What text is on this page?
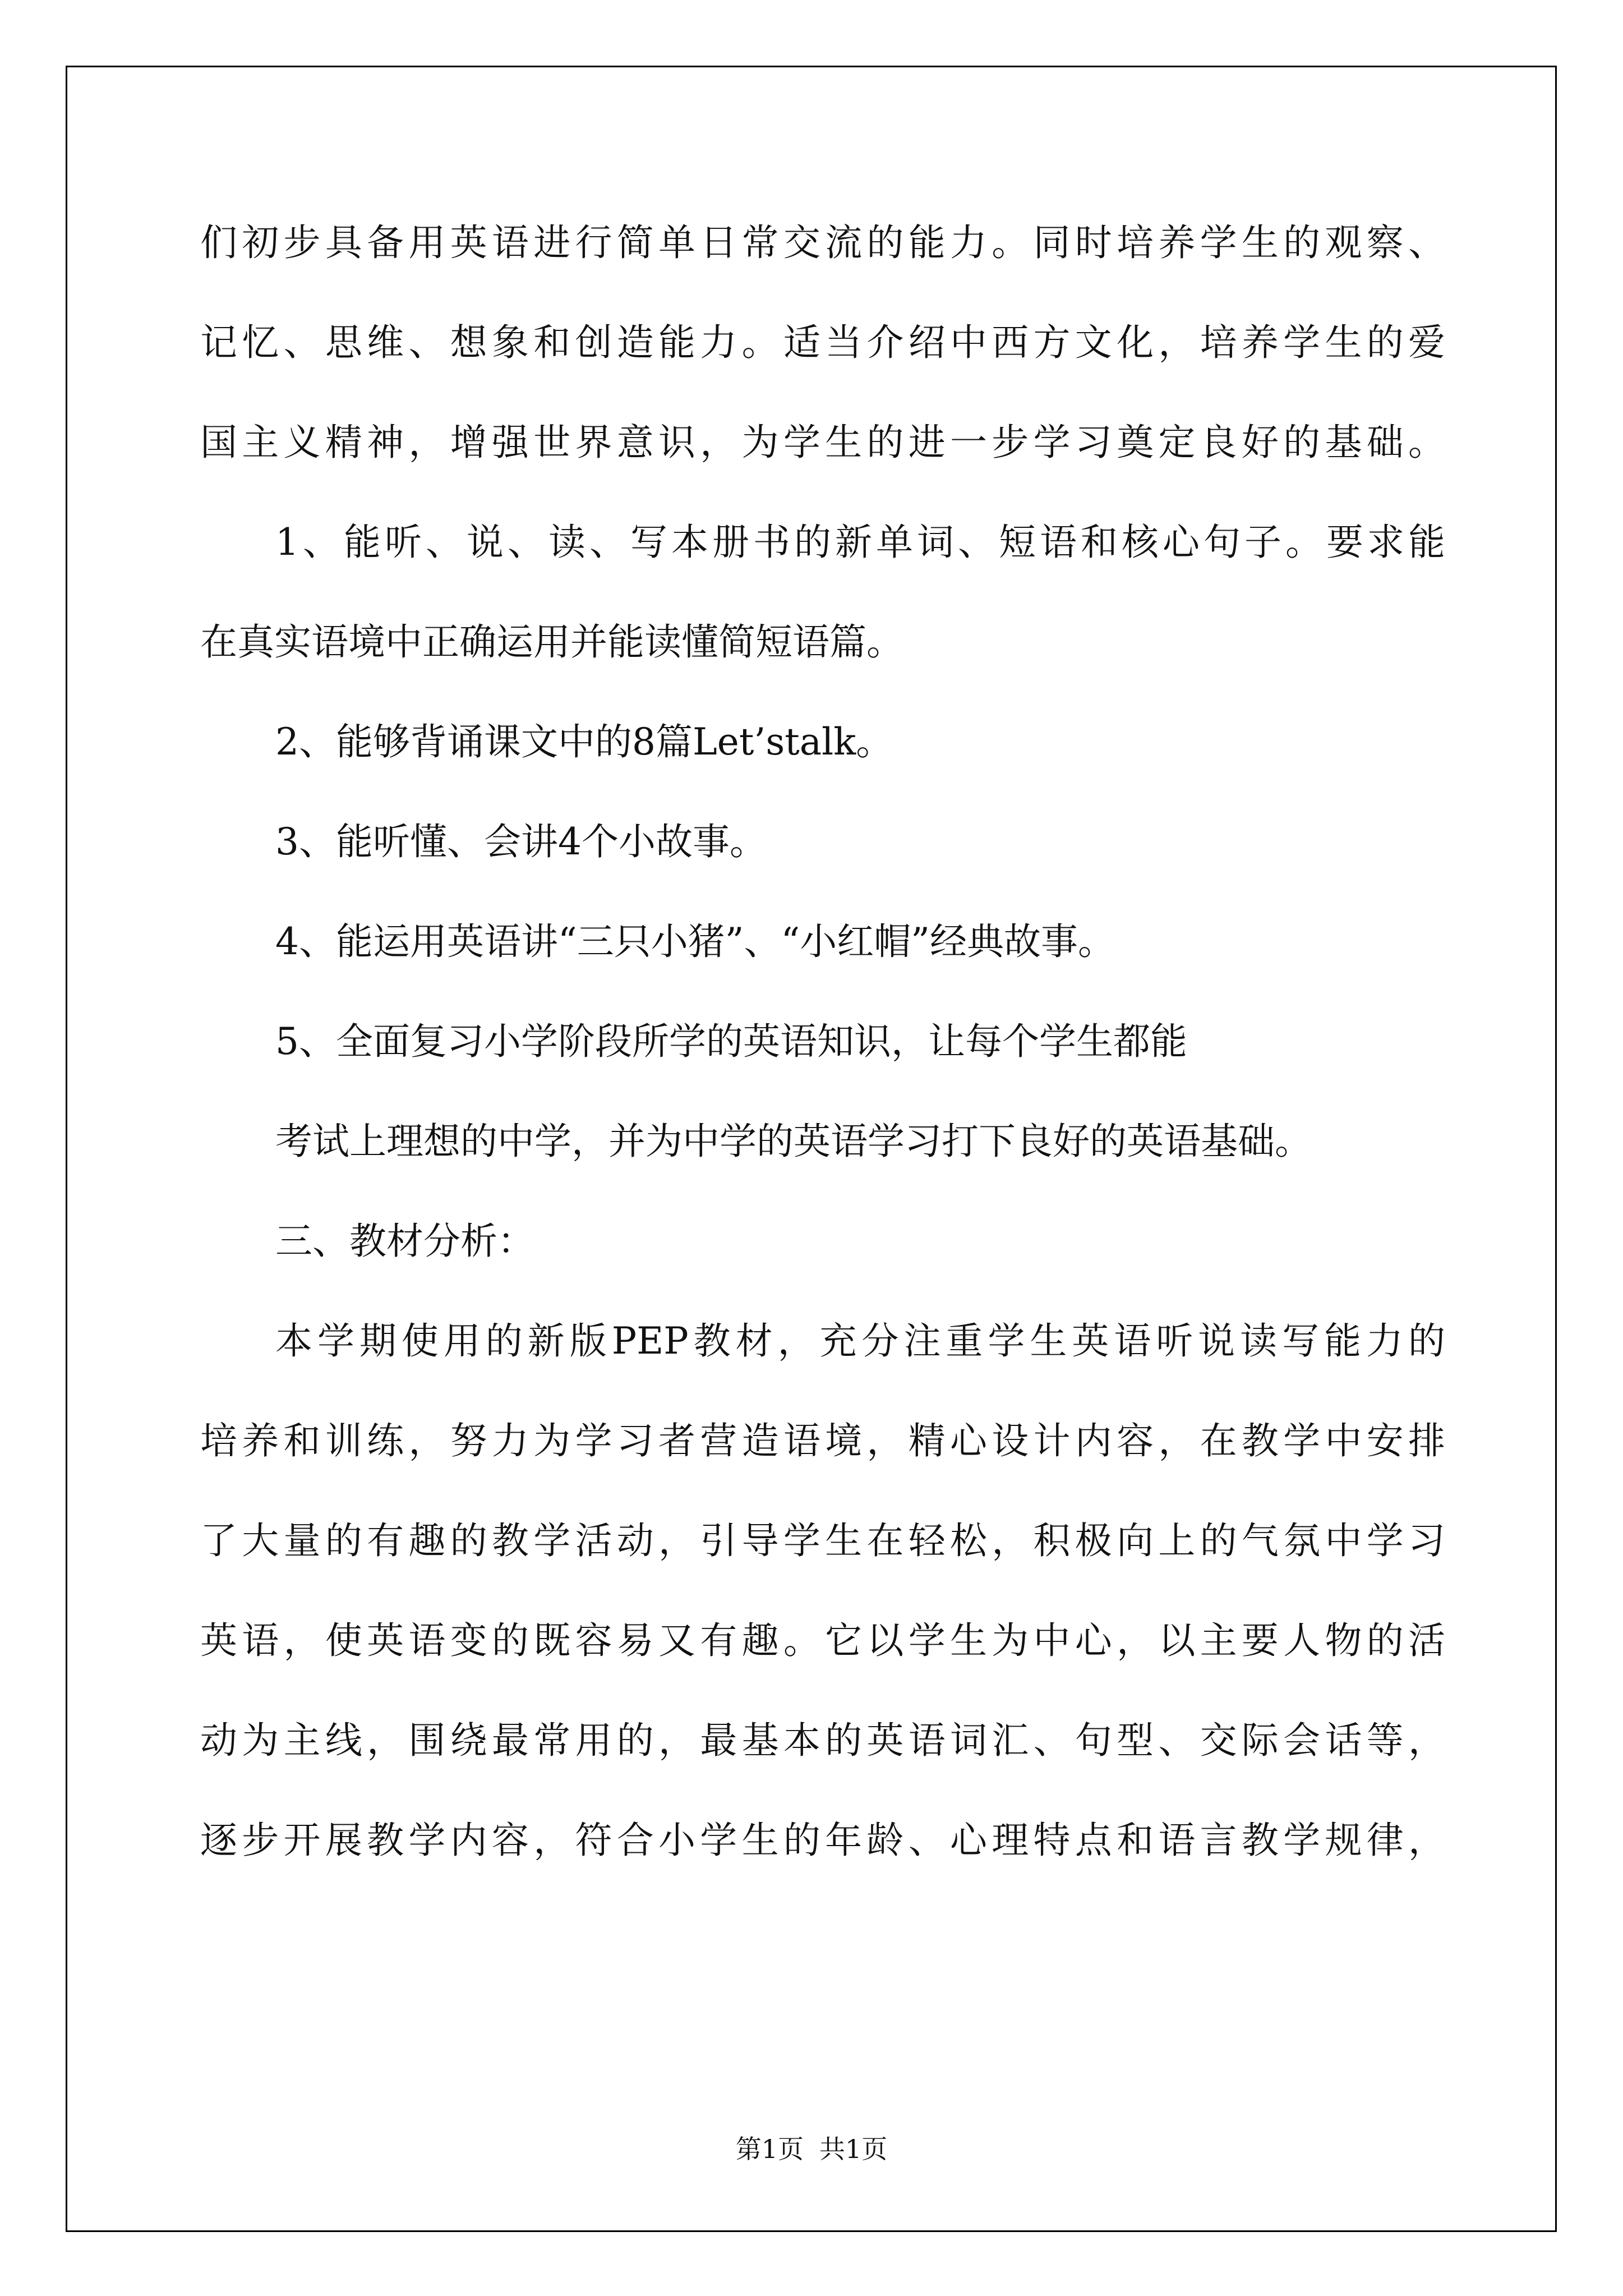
们初步具备用英语进行简单日常交流的能力。同时培养学生的观察、
记忆、思维、想象和创造能力。适当介绍中西方文化，培养学生的爱
国主义精神，增强世界意识，为学生的进一步学习奠定良好的基础。
1、能听、说、读、写本册书的新单词、短语和核心句子。要求能
在真实语境中正确运用并能读懂简短语篇。
2、能够背诵课文中的8篇Let’stalk。
3、能听懂、会讲4个小故事。
4、能运用英语讲“三只小猪”、“小红帽”经典故事。
5、全面复习小学阶段所学的英语知识，让每个学生都能
考试上理想的中学，并为中学的英语学习打下良好的英语基础。
三、教材分析：
本学期使用的新版PEP教材，充分注重学生英语听说读写能力的
培养和训练，努力为学习者营造语境，精心设计内容，在教学中安排
了大量的有趣的教学活动，引导学生在轻松，积极向上的气氛中学习
英语，使英语变的既容易又有趣。它以学生为中心，以主要人物的活
动为主线，围绕最常用的，最基本的英语词汇、句型、交际会话等，
逐步开展教学内容，符合小学生的年龄、心理特点和语言教学规律，
第1页 共1页
